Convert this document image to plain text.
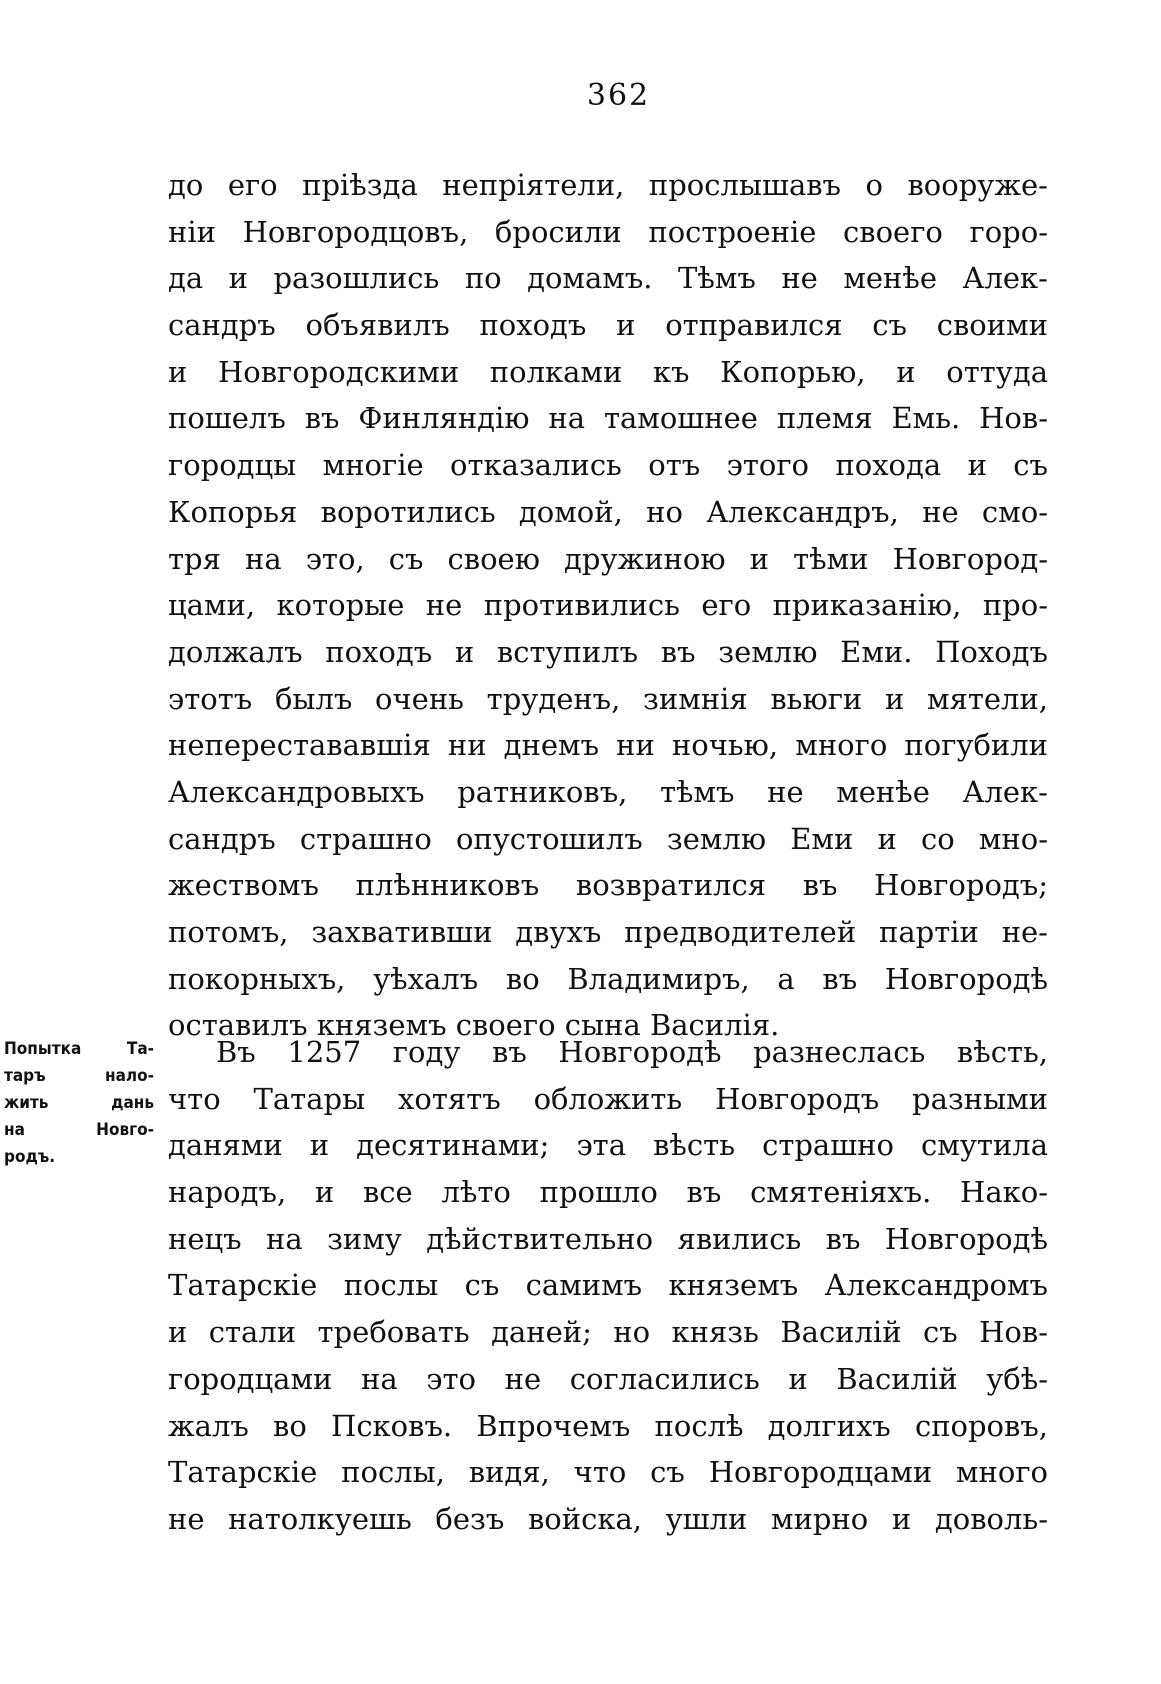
362
до его прiѣзда непрiятели, прослышавъ о вооруже-
нiи Новгородцовъ, бросили построенiе своего горо-
да и разошлись по домамъ. Тѣмъ не менѣе Алек-
сандръ объявилъ походъ и отправился съ своими
и Новгородскими полками къ Копорью, и оттуда
пошелъ въ Финляндiю на тамошнее племя Емь. Нов-
городцы многiе отказались отъ этого похода и съ
Копорья воротились домой, но Александръ, не смо-
тря на это, съ своею дружиною и тѣми Новгород-
цами, которые не противились его приказанiю, про-
должалъ походъ и вступилъ въ землю Еми. Походъ
этотъ былъ очень труденъ, зимнiя вьюги и мятели,
неперестававшiя ни днемъ ни ночью, много погубили
Александровыхъ ратниковъ, тѣмъ не менѣе Алек-
сандръ страшно опустошилъ землю Еми и со мно-
жествомъ плѣнниковъ возвратился въ Новгородъ;
потомъ, захвативши двухъ предводителей партiи не-
покорныхъ, уѣхалъ во Владимиръ, а въ Новгородѣ
оставилъ княземъ своего сына Василiя.
Попытка Та-
таръ нало-
жить дань
на Новго-
родъ.
Въ 1257 году въ Новгородѣ разнеслась вѣсть,
что Татары хотятъ обложить Новгородъ разными
данями и десятинами; эта вѣсть страшно смутила
народъ, и все лѣто прошло въ смятенiяхъ. Нако-
нецъ на зиму дѣйствительно явились въ Новгородѣ
Татарскiе послы съ самимъ княземъ Александромъ
и стали требовать даней; но князь Василiй съ Нов-
городцами на это не согласились и Василiй убѣ-
жалъ во Псковъ. Впрочемъ послѣ долгихъ споровъ,
Татарскiе послы, видя, что съ Новгородцами много
не натолкуешь безъ войска, ушли мирно и доволь-
